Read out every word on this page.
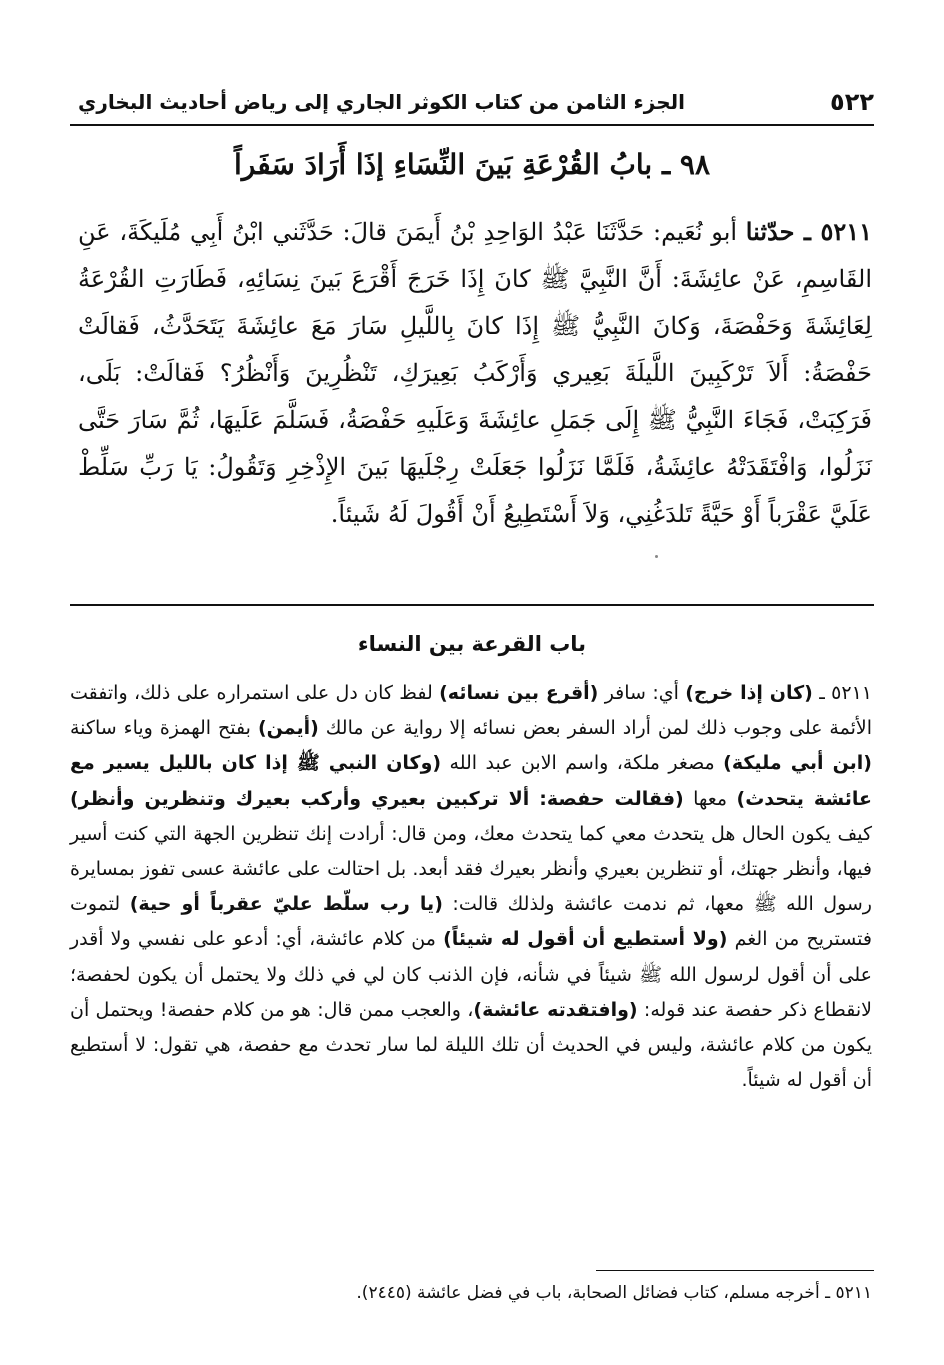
٥٢٢
الجزء الثامن من كتاب الكوثر الجاري إلى رياض أحاديث البخاري
٩٨ ـ بابُ القُرْعَةِ بَينَ النِّسَاءِ إذَا أَرَادَ سَفَراً
٥٢١١ ـ حدّثنا أبو نُعَيم: حَدَّثَنَا عَبْدُ الوَاحِدِ بْنُ أَيمَنَ قالَ: حَدَّثَني ابْنُ أَبِي مُلَيكَةَ، عَنِ القَاسِمِ، عَنْ عائِشَةَ: أَنَّ النَّبِيَّ ﷺ كانَ إِذَا خَرَجَ أَقْرَعَ بَينَ نِسَائِهِ، فَطَارَتِ القُرْعَةُ لِعَائِشَةَ وَحَفْصَةَ، وَكانَ النَّبِيُّ ﷺ إِذَا كانَ بِاللَّيلِ سَارَ مَعَ عائِشَةَ يَتَحَدَّثُ، فَقالَتْ حَفْصَةُ: أَلاَ تَرْكَبِينَ اللَّيلَةَ بَعِيري وَأَرْكَبُ بَعِيرَكِ، تَنْظُرِينَ وَأَنْظُرُ؟ فَقالَتْ: بَلَى، فَرَكِبَتْ، فَجَاءَ النَّبِيُّ ﷺ إِلَى جَمَلِ عائِشَةَ وَعَلَيهِ حَفْصَةُ، فَسَلَّمَ عَلَيهَا، ثُمَّ سَارَ حَتَّى نَزَلُوا، وَافْتَقَدَتْهُ عائِشَةُ، فَلَمَّا نَزَلُوا جَعَلَتْ رِجْلَيهَا بَينَ الإِذْخِرِ وَتَقُولُ: يَا رَبِّ سَلِّطْ عَلَيَّ عَقْرَباً أَوْ حَيَّةً تَلدَغُنِي، وَلاَ أَسْتَطِيعُ أَنْ أَقُولَ لَهُ شَيئاً.
باب القرعة بين النساء
٥٢١١ ـ (كان إذا خرج) أي: سافر (أقرع بين نسائه) لفظ كان دل على استمراره على ذلك، واتفقت الأئمة على وجوب ذلك لمن أراد السفر بعض نسائه إلا رواية عن مالك (أيمن) بفتح الهمزة وياء ساكنة (ابن أبي مليكة) مصغر ملكة، واسم الابن عبد الله (وكان النبي ﷺ إذا كان بالليل يسير مع عائشة يتحدث) معها (فقالت حفصة: ألا تركبين بعيري وأركب بعيرك وتنظرين وأنظر) كيف يكون الحال هل يتحدث معي كما يتحدث معك، ومن قال: أرادت إنك تنظرين الجهة التي كنت أسير فيها، وأنظر جهتك، أو تنظرين بعيري وأنظر بعيرك فقد أبعد. بل احتالت على عائشة عسى تفوز بمسايرة رسول الله ﷺ معها، ثم ندمت عائشة ولذلك قالت: (يا رب سلّط عليّ عقرباً أو حية) لتموت فتستريح من الغم (ولا أستطيع أن أقول له شيئاً) من كلام عائشة، أي: أدعو على نفسي ولا أقدر على أن أقول لرسول الله ﷺ شيئاً في شأنه، فإن الذنب كان لي في ذلك ولا يحتمل أن يكون لحفصة؛ لانقطاع ذكر حفصة عند قوله: (وافتقدته عائشة)، والعجب ممن قال: هو من كلام حفصة! ويحتمل أن يكون من كلام عائشة، وليس في الحديث أن تلك الليلة لما سار تحدث مع حفصة، هي تقول: لا أستطيع أن أقول له شيئاً.
٥٢١١ ـ أخرجه مسلم، كتاب فضائل الصحابة، باب في فضل عائشة (٢٤٤٥).
